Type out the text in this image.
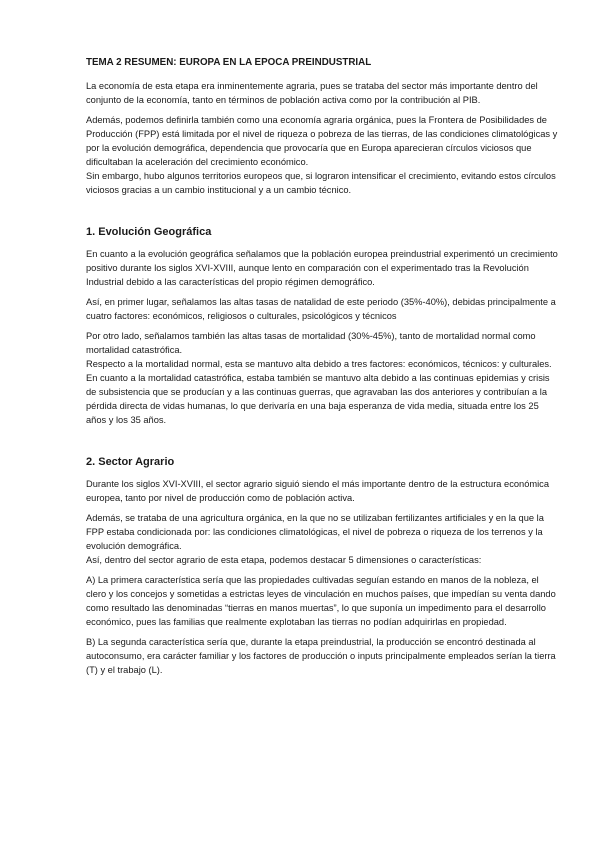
TEMA 2 RESUMEN: EUROPA EN LA EPOCA PREINDUSTRIAL

La economía de esta etapa era inminentemente agraria, pues se trataba del sector más importante dentro del conjunto de la economía, tanto en términos de población activa como por la contribución al PIB.

Además, podemos definirla también como una economía agraria orgánica, pues la Frontera de Posibilidades de Producción (FPP) está limitada por el nivel de riqueza o pobreza de las tierras, de las condiciones climatológicas y por la evolución demográfica, dependencia que provocaría que en Europa aparecieran círculos viciosos que dificultaban la aceleración del crecimiento económico.

Sin embargo, hubo algunos territorios europeos que, si lograron intensificar el crecimiento, evitando estos círculos viciosos gracias a un cambio institucional y a un cambio técnico.

1. Evolución Geográfica

En cuanto a la evolución geográfica señalamos que la población europea preindustrial experimentó un crecimiento positivo durante los siglos XVI-XVIII, aunque lento en comparación con el experimentado tras la Revolución Industrial debido a las características del propio régimen demográfico.

Así, en primer lugar, señalamos las altas tasas de natalidad de este periodo (35%-40%), debidas principalmente a cuatro factores: económicos, religiosos o culturales, psicológicos y técnicos

Por otro lado, señalamos también las altas tasas de mortalidad (30%-45%), tanto de mortalidad normal como mortalidad catastrófica.

Respecto a la mortalidad normal, esta se mantuvo alta debido a tres factores: económicos, técnicos: y culturales.

En cuanto a la mortalidad catastrófica, estaba también se mantuvo alta debido a las continuas epidemias y crisis de subsistencia que se producían y a las continuas guerras, que agravaban las dos anteriores y contribuían a la pérdida directa de vidas humanas, lo que derivaría en una baja esperanza de vida media, situada entre los 25 años y los 35 años.

2. Sector Agrario

Durante los siglos XVI-XVIII, el sector agrario siguió siendo el más importante dentro de la estructura económica europea, tanto por nivel de producción como de población activa.

Además, se trataba de una agricultura orgánica, en la que no se utilizaban fertilizantes artificiales y en la que la FPP estaba condicionada por: las condiciones climatológicas, el nivel de pobreza o riqueza de los terrenos y la evolución demográfica.

Así, dentro del sector agrario de esta etapa, podemos destacar 5 dimensiones o características:

A) La primera característica sería que las propiedades cultivadas seguían estando en manos de la nobleza, el clero y los concejos y sometidas a estrictas leyes de vinculación en muchos países, que impedían su venta dando como resultado las denominadas “tierras en manos muertas”, lo que suponía un impedimento para el desarrollo económico, pues las familias que realmente explotaban las tierras no podían adquirirlas en propiedad.

B) La segunda característica sería que, durante la etapa preindustrial, la producción se encontró destinada al autoconsumo, era carácter familiar y los factores de producción o inputs principalmente empleados serían la tierra (T) y el trabajo (L).
